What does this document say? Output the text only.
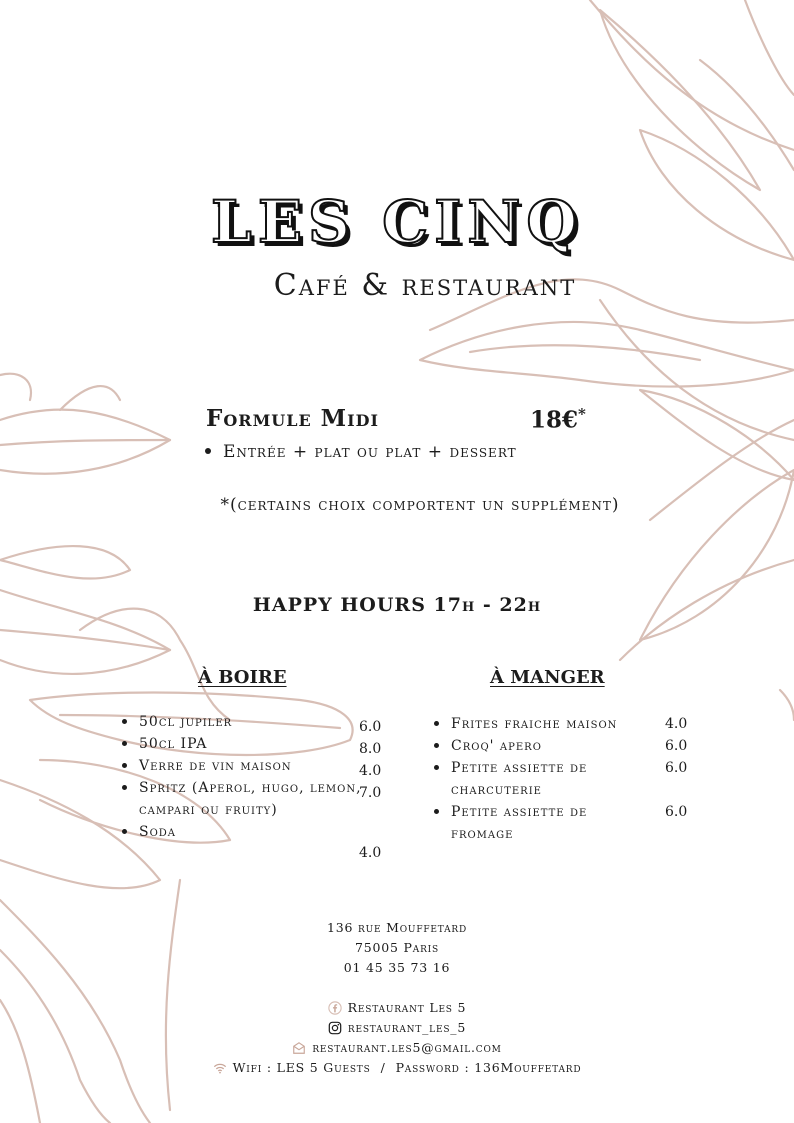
LES CINQ
Café & restaurant
Formule Midi	18€*
Entrée + plat ou plat + dessert
*(certains choix comportent un supplément)
HAPPY HOURS 17h - 22h
À BOIRE	À MANGER
50cl jupiler
50cl IPA
Verre de vin maison
Spritz (Aperol, hugo, lemon, campari ou fruity)
Soda
6.0
8.0
4.0
7.0
4.0
Frites fraiche maison
Croq' apero
Petite assiette de charcuterie
Petite assiette de fromage
4.0
6.0
6.0
6.0
136 rue Mouffetard
75005 Paris
01 45 35 73 16
Restaurant Les 5
restaurant_les_5
restaurant.les5@gmail.com
Wifi : LES 5 Guests / Password : 136Mouffetard
